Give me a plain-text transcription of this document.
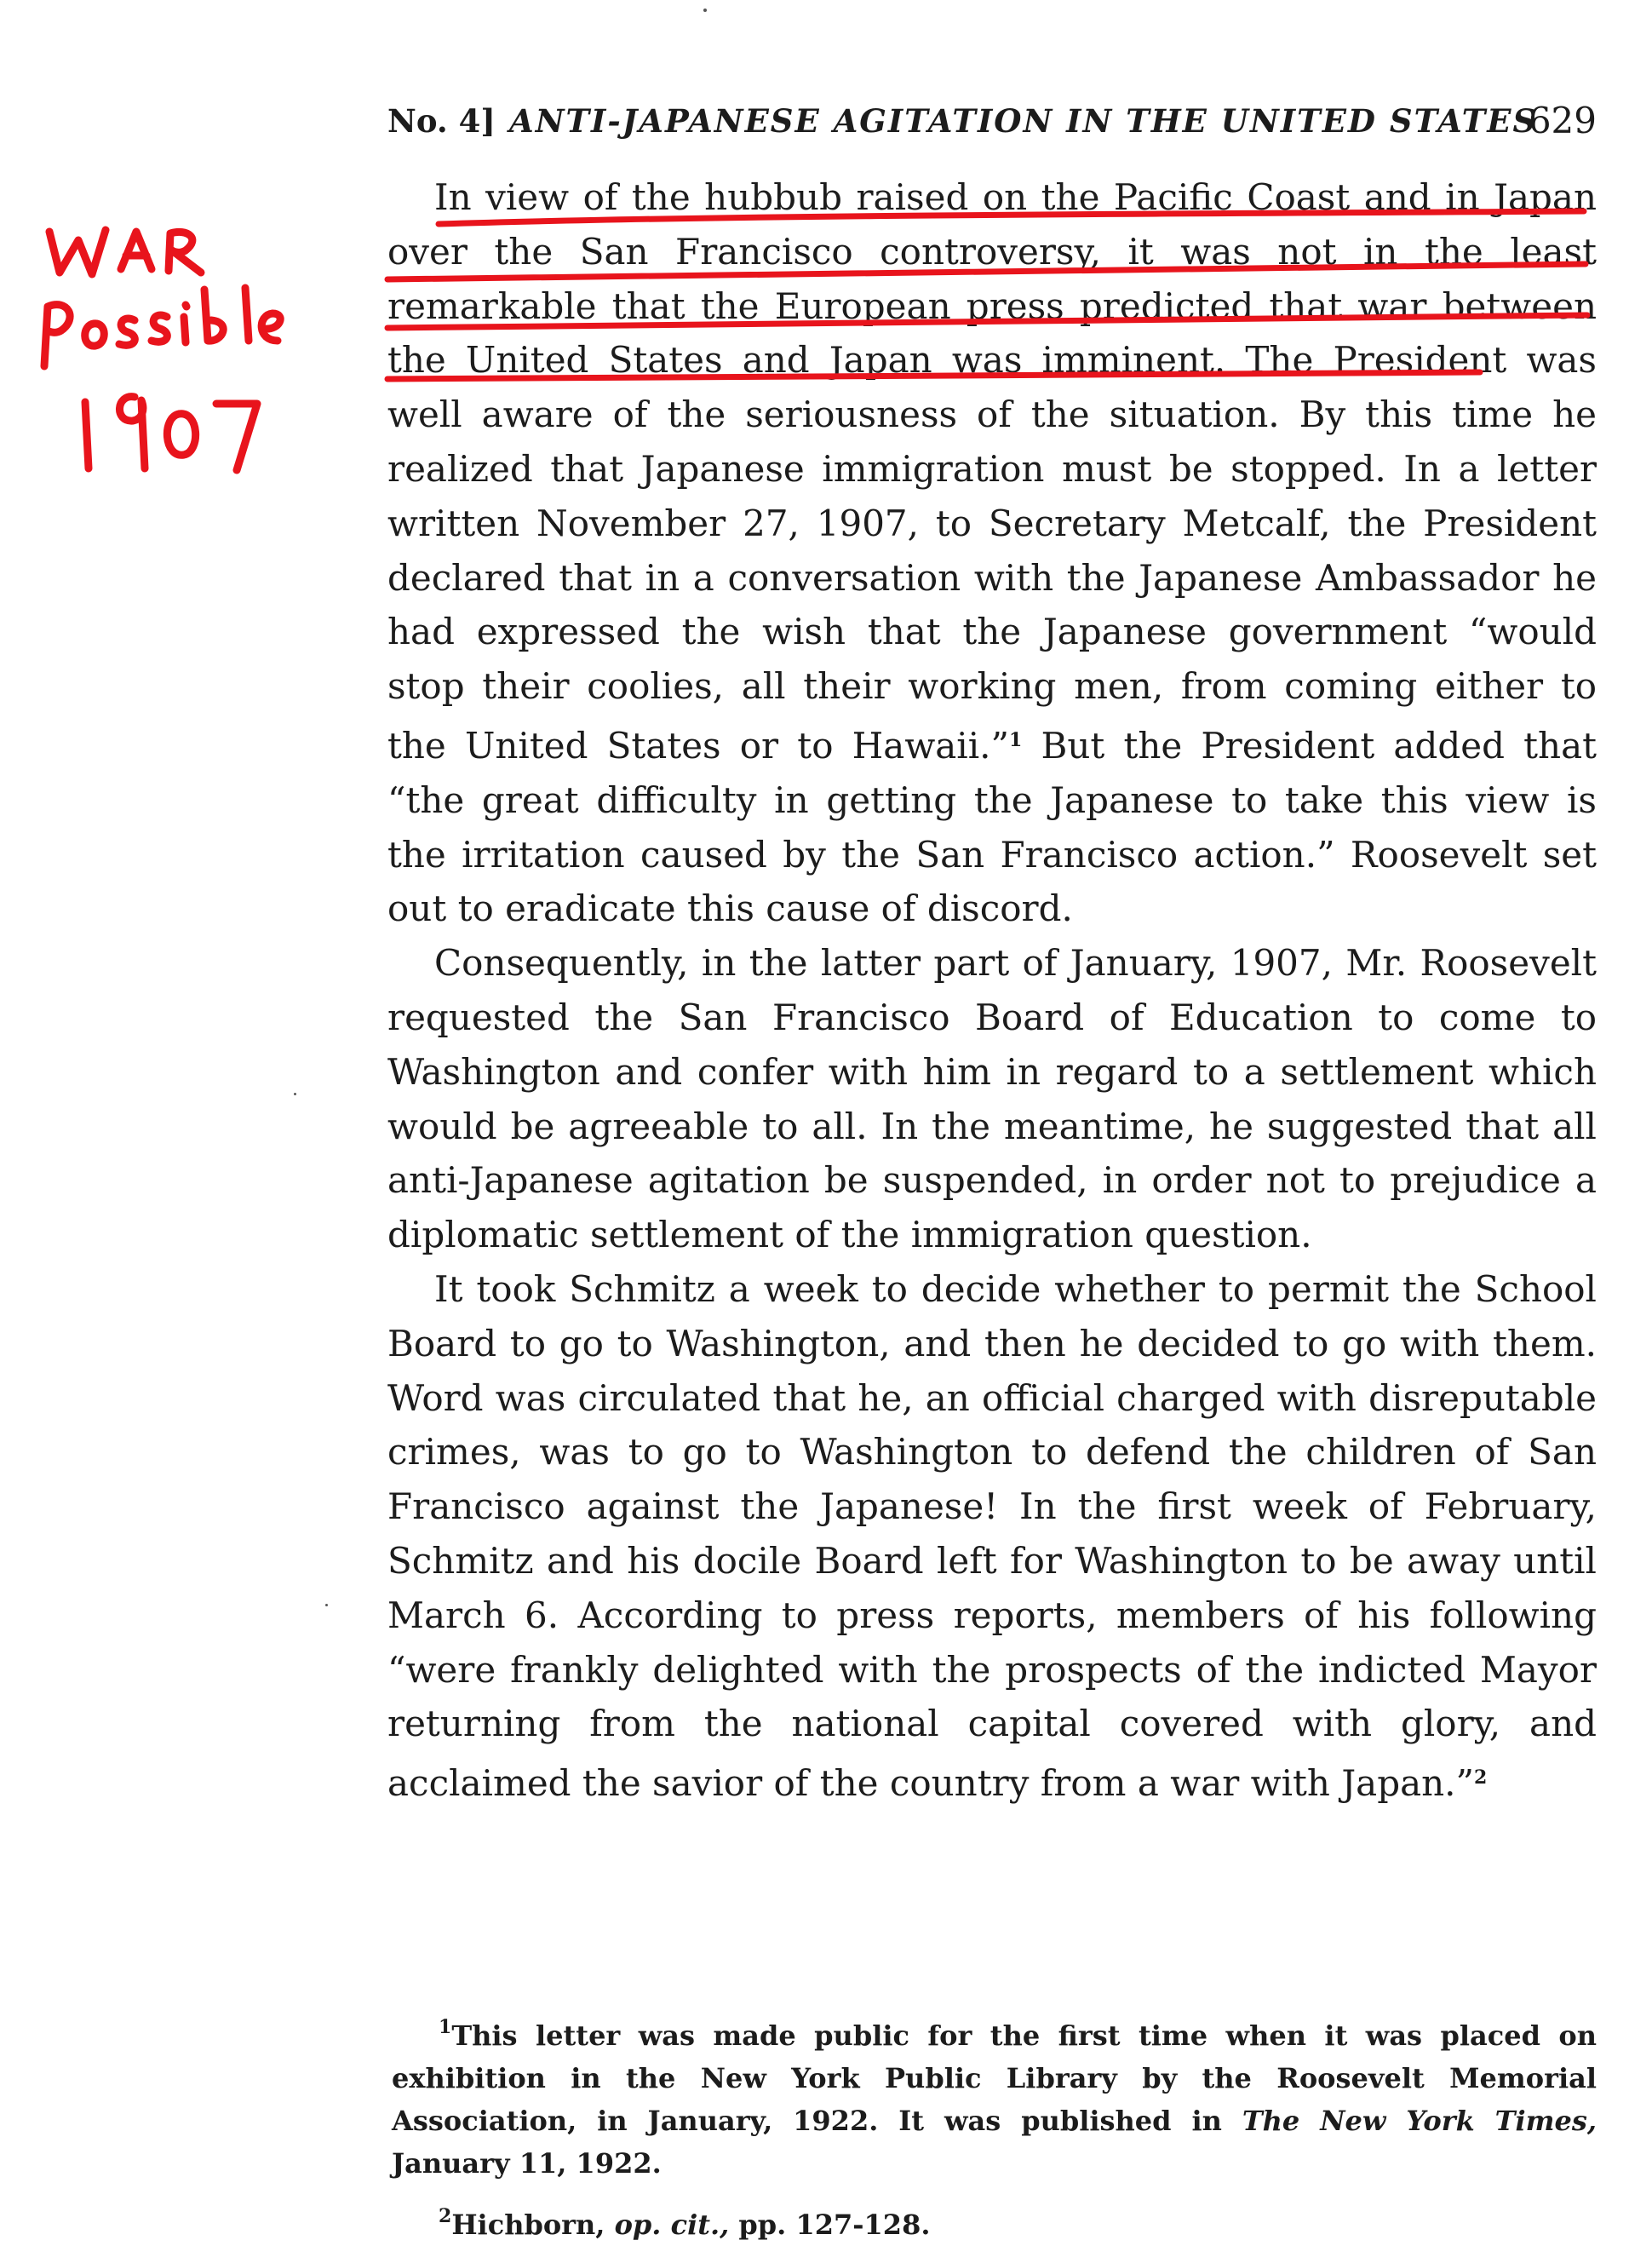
No. 4] ANTI-JAPANESE AGITATION IN THE UNITED STATES
629

In view of the hubbub raised on the Pacific Coast and in Japan over the San Francisco controversy, it was not in the least remarkable that the European press predicted that war between the United States and Japan was imminent. The President was well aware of the seriousness of the situation. By this time he realized that Japanese immigration must be stopped. In a letter written November 27, 1907, to Secretary Metcalf, the President declared that in a conversation with the Japanese Ambassador he had expressed the wish that the Japanese government “would stop their coolies, all their working men, from coming either to the United States or to Hawaii.”$^1$ But the President added that “the great difficulty in getting the Japanese to take this view is the irritation caused by the San Francisco action.” Roosevelt set out to eradicate this cause of discord.

Consequently, in the latter part of January, 1907, Mr. Roosevelt requested the San Francisco Board of Education to come to Washington and confer with him in regard to a settlement which would be agreeable to all. In the meantime, he suggested that all anti-Japanese agitation be suspended, in order not to prejudice a diplomatic settlement of the immigration question.

It took Schmitz a week to decide whether to permit the School Board to go to Washington, and then he decided to go with them. Word was circulated that he, an official charged with disreputable crimes, was to go to Washington to defend the children of San Francisco against the Japanese! In the first week of February, Schmitz and his docile Board left for Washington to be away until March 6. According to press reports, members of his following “were frankly delighted with the prospects of the indicted Mayor returning from the national capital covered with glory, and acclaimed the savior of the country from a war with Japan.”$^2$

$^1$This letter was made public for the first time when it was placed on exhibition in the New York Public Library by the Roosevelt Memorial Association, in January, 1922. It was published in The New York Times, January 11, 1922.

$^2$Hichborn, op. cit., pp. 127-128.
